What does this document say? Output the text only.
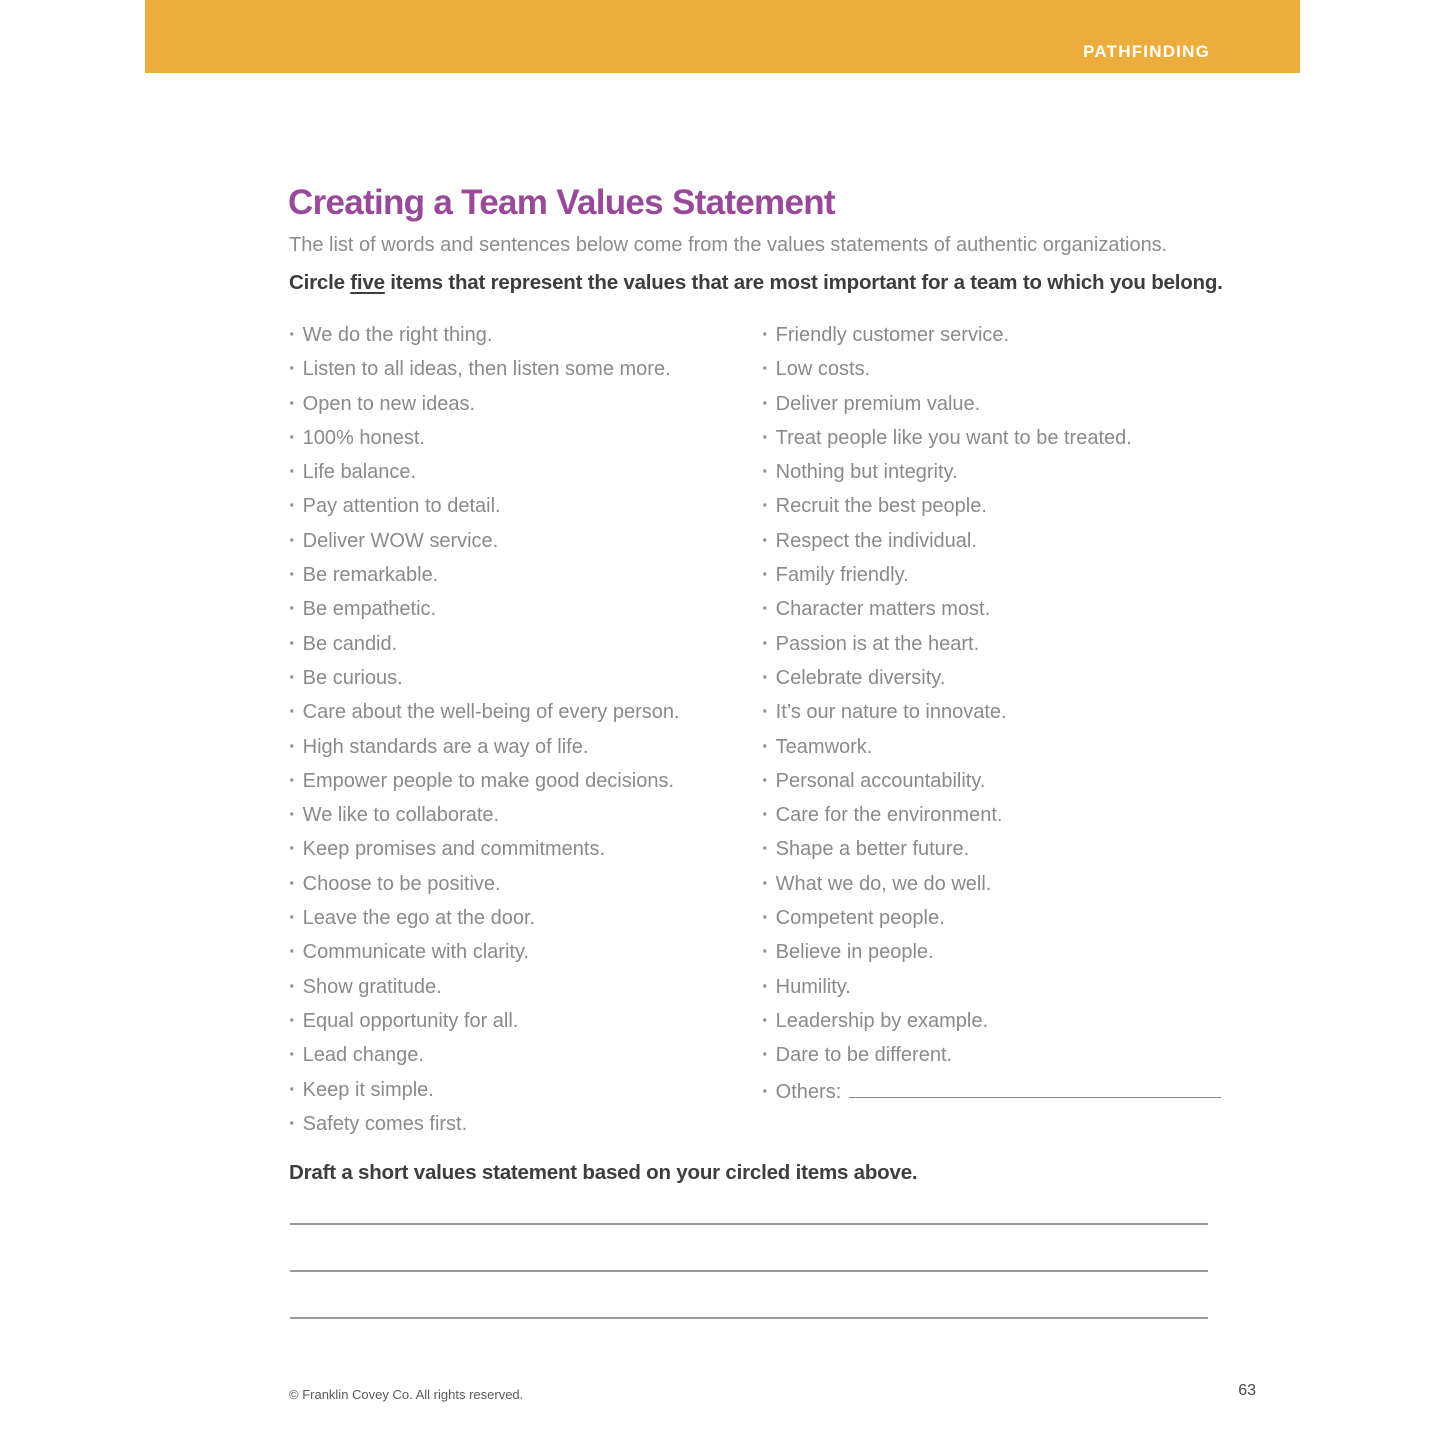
PATHFINDING
Creating a Team Values Statement
The list of words and sentences below come from the values statements of authentic organizations.
Circle five items that represent the values that are most important for a team to which you belong.
· We do the right thing.
· Listen to all ideas, then listen some more.
· Open to new ideas.
· 100% honest.
· Life balance.
· Pay attention to detail.
· Deliver WOW service.
· Be remarkable.
· Be empathetic.
· Be candid.
· Be curious.
· Care about the well-being of every person.
· High standards are a way of life.
· Empower people to make good decisions.
· We like to collaborate.
· Keep promises and commitments.
· Choose to be positive.
· Leave the ego at the door.
· Communicate with clarity.
· Show gratitude.
· Equal opportunity for all.
· Lead change.
· Keep it simple.
· Safety comes first.
· Friendly customer service.
· Low costs.
· Deliver premium value.
· Treat people like you want to be treated.
· Nothing but integrity.
· Recruit the best people.
· Respect the individual.
· Family friendly.
· Character matters most.
· Passion is at the heart.
· Celebrate diversity.
· It’s our nature to innovate.
· Teamwork.
· Personal accountability.
· Care for the environment.
· Shape a better future.
· What we do, we do well.
· Competent people.
· Believe in people.
· Humility.
· Leadership by example.
· Dare to be different.
· Others:
Draft a short values statement based on your circled items above.
© Franklin Covey Co. All rights reserved.	63
